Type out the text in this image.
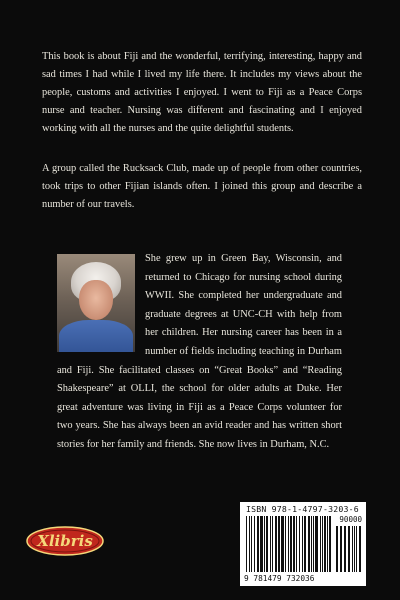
This book is about Fiji and the wonderful, terrifying, interesting, happy and sad times I had while I lived my life there. It includes my views about the people, customs and activities I enjoyed. I went to Fiji as a Peace Corps nurse and teacher. Nursing was different and fascinating and I enjoyed working with all the nurses and the quite delightful students.

A group called the Rucksack Club, made up of people from other countries, took trips to other Fijian islands often. I joined this group and describe a number of our travels.

She grew up in Green Bay, Wisconsin, and returned to Chicago for nursing school during WWII. She completed her undergraduate and graduate degrees at UNC-CH with help from her children. Her nursing career has been in a number of fields including teaching in Durham and Fiji. She facilitated classes on “Great Books” and “Reading Shakespeare” at OLLI, the school for older adults at Duke. Her great adventure was living in Fiji as a Peace Corps volunteer for two years. She has always been an avid reader and has written short stories for her family and friends. She now lives in Durham, N.C.

Xlibris
ISBN 978-1-4797-3203-6
90000
9 781479 732036
